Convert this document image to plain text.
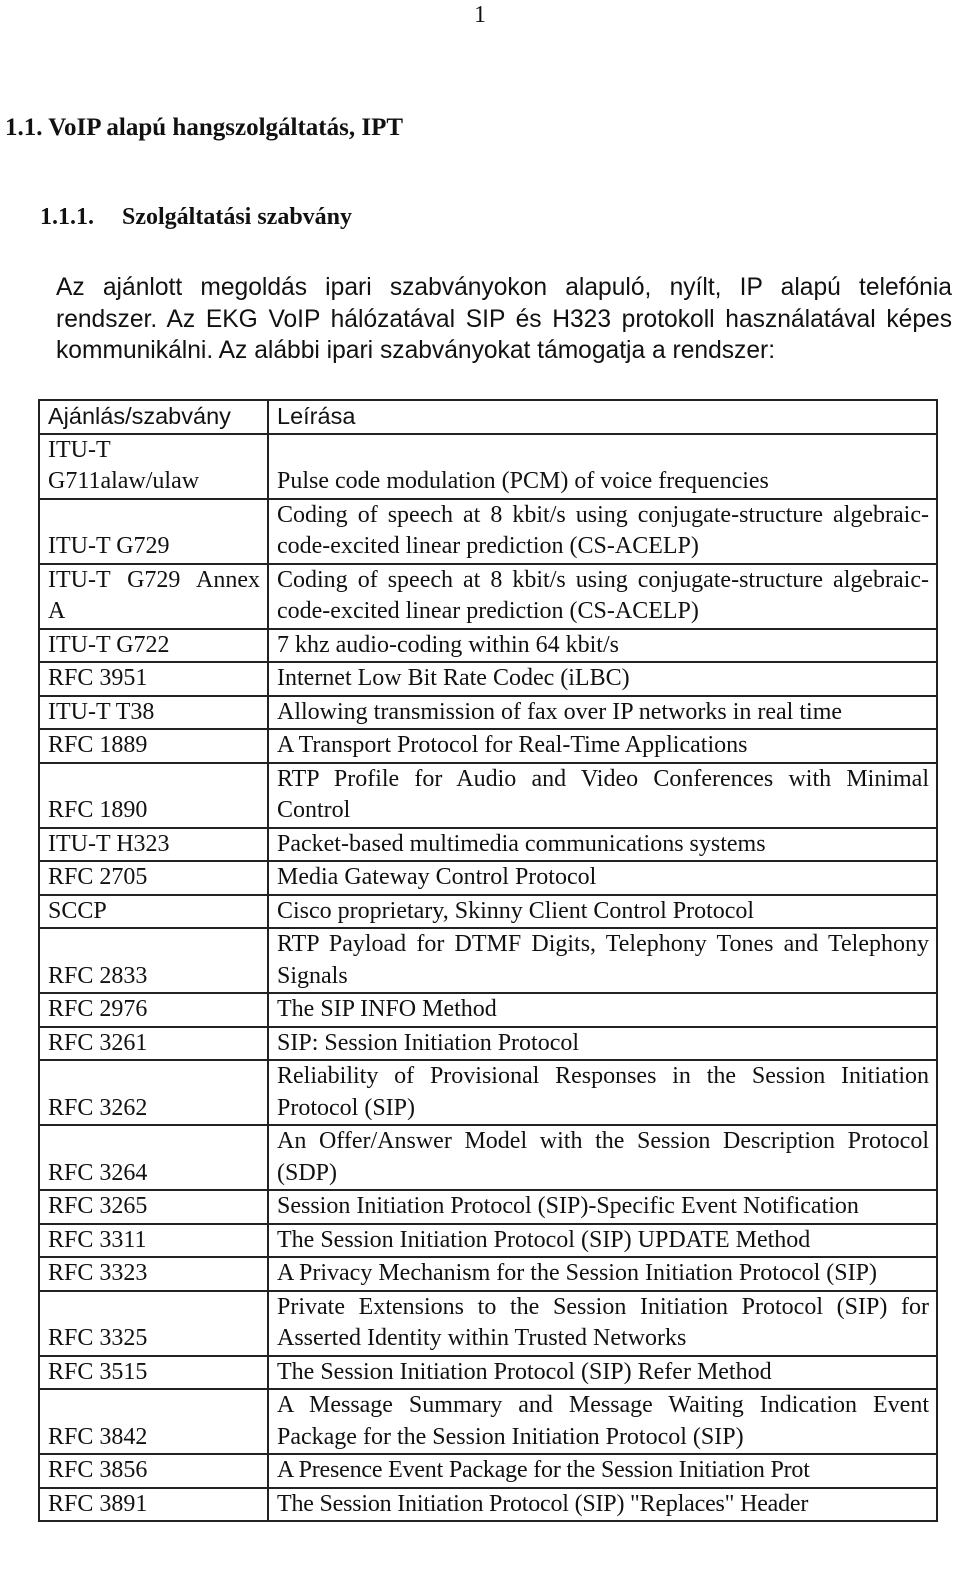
1
1.1. VoIP alapú hangszolgáltatás, IPT
1.1.1. Szolgáltatási szabvány

Az ajánlott megoldás ipari szabványokon alapuló, nyílt, IP alapú telefónia rendszer. Az EKG VoIP hálózatával SIP és H323 protokoll használatával képes kommunikálni. Az alábbi ipari szabványokat támogatja a rendszer:

Ajánlás/szabvány	Leírása
ITU-T G711alaw/ulaw	Pulse code modulation (PCM) of voice frequencies
ITU-T G729	Coding of speech at 8 kbit/s using conjugate-structure algebraic-code-excited linear prediction (CS-ACELP)
ITU-T G729 Annex A	Coding of speech at 8 kbit/s using conjugate-structure algebraic-code-excited linear prediction (CS-ACELP)
ITU-T G722	7 khz audio-coding within 64 kbit/s
RFC 3951	Internet Low Bit Rate Codec (iLBC)
ITU-T T38	Allowing transmission of fax over IP networks in real time
RFC 1889	A Transport Protocol for Real-Time Applications
RFC 1890	RTP Profile for Audio and Video Conferences with Minimal Control
ITU-T H323	Packet-based multimedia communications systems
RFC 2705	Media Gateway Control Protocol
SCCP	Cisco proprietary, Skinny Client Control Protocol
RFC 2833	RTP Payload for DTMF Digits, Telephony Tones and Telephony Signals
RFC 2976	The SIP INFO Method
RFC 3261	SIP: Session Initiation Protocol
RFC 3262	Reliability of Provisional Responses in the Session Initiation Protocol (SIP)
RFC 3264	An Offer/Answer Model with the Session Description Protocol (SDP)
RFC 3265	Session Initiation Protocol (SIP)-Specific Event Notification
RFC 3311	The Session Initiation Protocol (SIP) UPDATE Method
RFC 3323	A Privacy Mechanism for the Session Initiation Protocol (SIP)
RFC 3325	Private Extensions to the Session Initiation Protocol (SIP) for Asserted Identity within Trusted Networks
RFC 3515	The Session Initiation Protocol (SIP) Refer Method
RFC 3842	A Message Summary and Message Waiting Indication Event Package for the Session Initiation Protocol (SIP)
RFC 3856	A Presence Event Package for the Session Initiation Prot
RFC 3891	The Session Initiation Protocol (SIP) "Replaces" Header
